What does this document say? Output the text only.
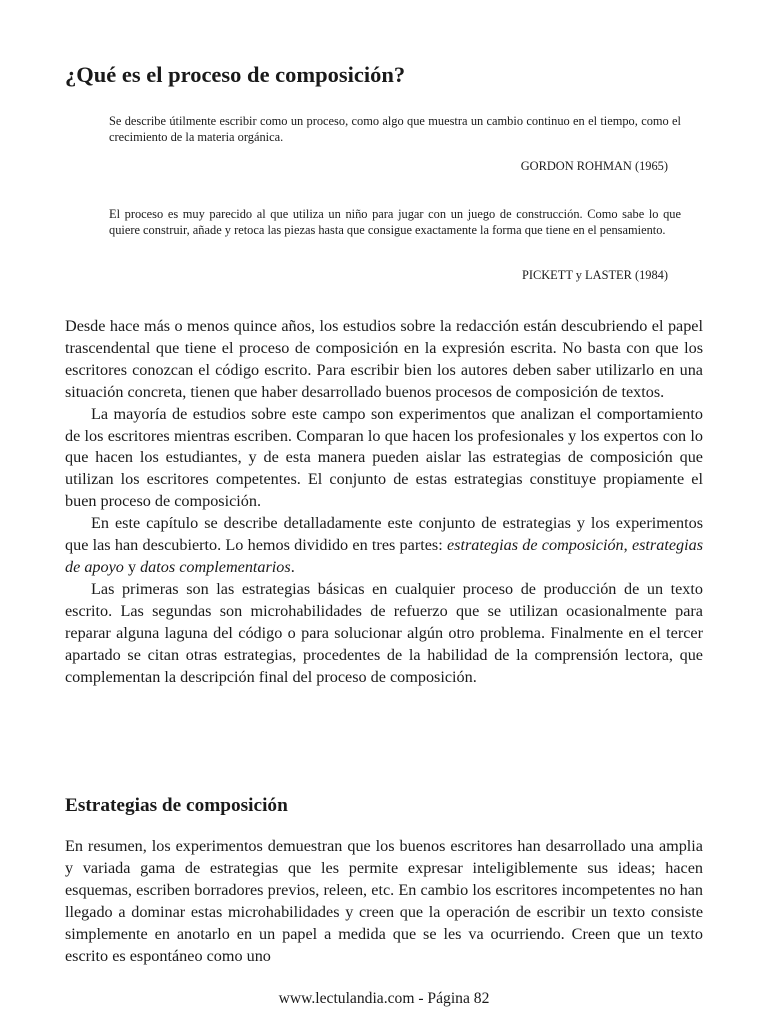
¿Qué es el proceso de composición?

Se describe útilmente escribir como un proceso, como algo que muestra un cambio continuo en el tiempo, como el crecimiento de la materia orgánica.

GORDON ROHMAN (1965)

El proceso es muy parecido al que utiliza un niño para jugar con un juego de construcción. Como sabe lo que quiere construir, añade y retoca las piezas hasta que consigue exactamente la forma que tiene en el pensamiento.

PICKETT y LASTER (1984)

Desde hace más o menos quince años, los estudios sobre la redacción están descubriendo el papel trascendental que tiene el proceso de composición en la expresión escrita. No basta con que los escritores conozcan el código escrito. Para escribir bien los autores deben saber utilizarlo en una situación concreta, tienen que haber desarrollado buenos procesos de composición de textos.

La mayoría de estudios sobre este campo son experimentos que analizan el comportamiento de los escritores mientras escriben. Comparan lo que hacen los profesionales y los expertos con lo que hacen los estudiantes, y de esta manera pueden aislar las estrategias de composición que utilizan los escritores competentes. El conjunto de estas estrategias constituye propiamente el buen proceso de composición.

En este capítulo se describe detalladamente este conjunto de estrategias y los experimentos que las han descubierto. Lo hemos dividido en tres partes: estrategias de composición, estrategias de apoyo y datos complementarios.

Las primeras son las estrategias básicas en cualquier proceso de producción de un texto escrito. Las segundas son microhabilidades de refuerzo que se utilizan ocasionalmente para reparar alguna laguna del código o para solucionar algún otro problema. Finalmente en el tercer apartado se citan otras estrategias, procedentes de la habilidad de la comprensión lectora, que complementan la descripción final del proceso de composición.

Estrategias de composición

En resumen, los experimentos demuestran que los buenos escritores han desarrollado una amplia y variada gama de estrategias que les permite expresar inteligiblemente sus ideas; hacen esquemas, escriben borradores previos, releen, etc. En cambio los escritores incompetentes no han llegado a dominar estas microhabilidades y creen que la operación de escribir un texto consiste simplemente en anotarlo en un papel a medida que se les va ocurriendo. Creen que un texto escrito es espontáneo como uno

www.lectulandia.com - Página 82
